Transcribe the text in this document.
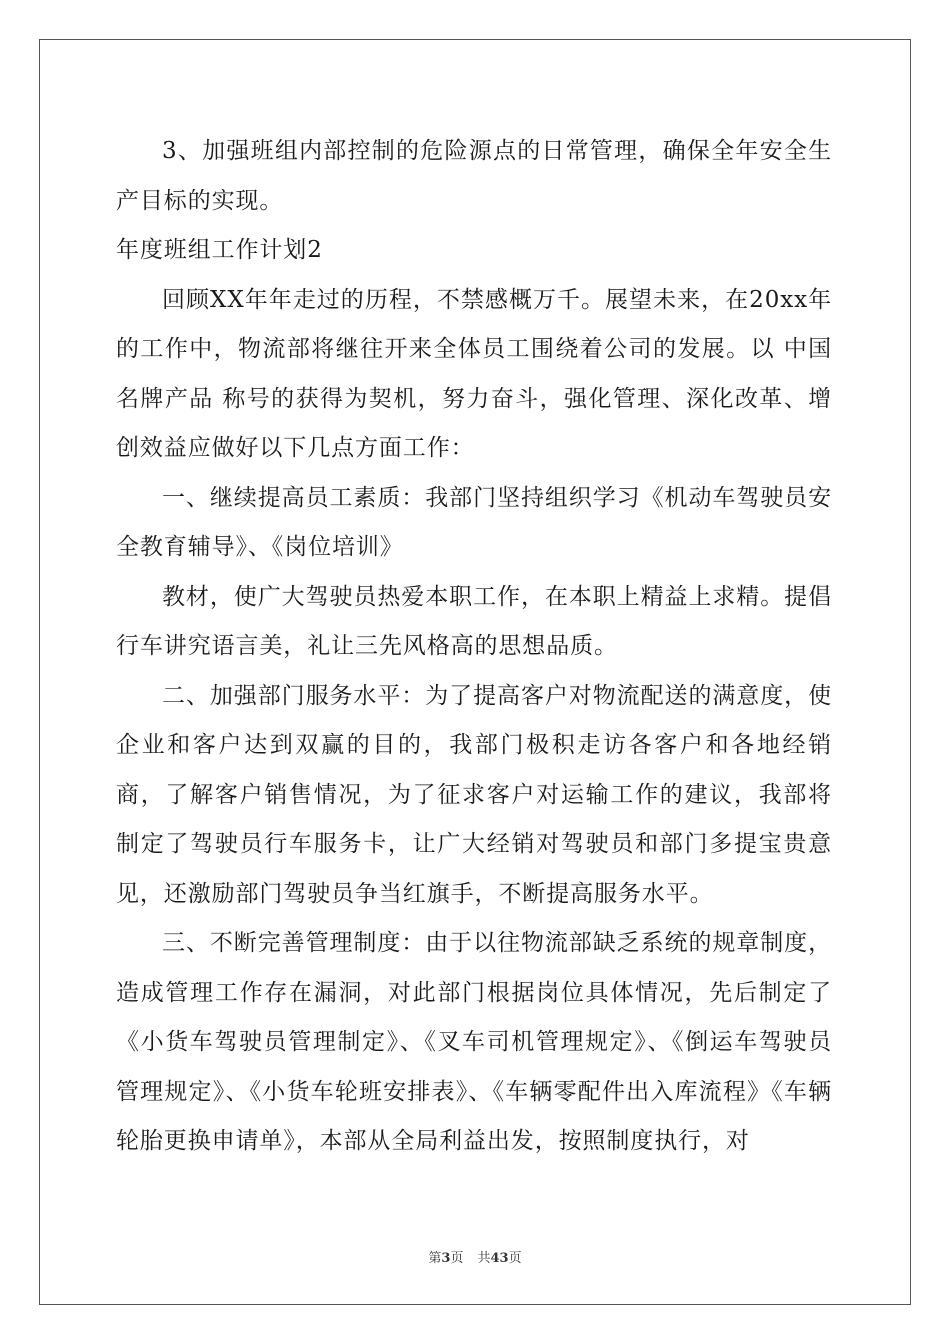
3、加强班组内部控制的危险源点的日常管理，确保全年安全生产目标的实现。

年度班组工作计划2

回顾XX年年走过的历程，不禁感概万千。展望未来，在20xx年的工作中，物流部将继往开来全体员工围绕着公司的发展。以 中国名牌产品 称号的获得为契机，努力奋斗，强化管理、深化改革、增创效益应做好以下几点方面工作：

一、继续提高员工素质：我部门坚持组织学习《机动车驾驶员安全教育辅导》、《岗位培训》

教材，使广大驾驶员热爱本职工作，在本职上精益上求精。提倡行车讲究语言美，礼让三先风格高的思想品质。

二、加强部门服务水平：为了提高客户对物流配送的满意度，使企业和客户达到双赢的目的，我部门极积走访各客户和各地经销商，了解客户销售情况，为了征求客户对运输工作的建议，我部将制定了驾驶员行车服务卡，让广大经销对驾驶员和部门多提宝贵意见，还激励部门驾驶员争当红旗手，不断提高服务水平。

三、不断完善管理制度：由于以往物流部缺乏系统的规章制度，造成管理工作存在漏洞，对此部门根据岗位具体情况，先后制定了《小货车驾驶员管理制定》、《叉车司机管理规定》、《倒运车驾驶员管理规定》、《小货车轮班安排表》、《车辆零配件出入库流程》《车辆轮胎更换申请单》，本部从全局利益出发，按照制度执行，对

第3页 共43页
